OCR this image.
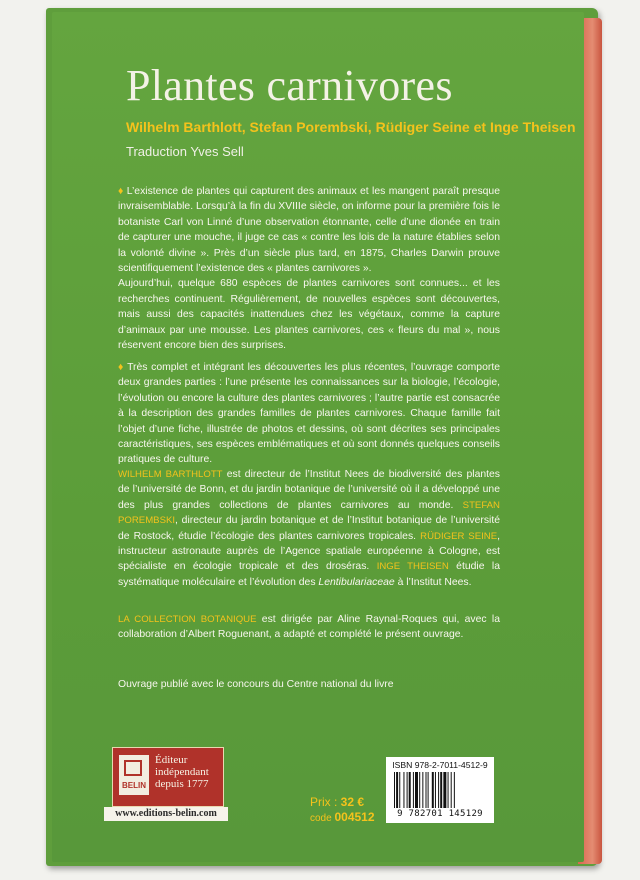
Plantes carnivores
Wilhelm Barthlott, Stefan Porembski, Rüdiger Seine et Inge Theisen
Traduction Yves Sell
♦ L’existence de plantes qui capturent des animaux et les mangent paraît presque invraisemblable. Lorsqu’à la fin du XVIIIe siècle, on informe pour la première fois le botaniste Carl von Linné d’une observation étonnante, celle d’une dionée en train de capturer une mouche, il juge ce cas « contre les lois de la nature établies selon la volonté divine ». Près d’un siècle plus tard, en 1875, Charles Darwin prouve scientifiquement l’existence des « plantes carnivores ».
Aujourd’hui, quelque 680 espèces de plantes carnivores sont connues... et les recherches continuent. Régulièrement, de nouvelles espèces sont découvertes, mais aussi des capacités inattendues chez les végétaux, comme la capture d’animaux par une mousse. Les plantes carnivores, ces « fleurs du mal », nous réservent encore bien des surprises.
♦ Très complet et intégrant les découvertes les plus récentes, l’ouvrage comporte deux grandes parties : l’une présente les connaissances sur la biologie, l’écologie, l’évolution ou encore la culture des plantes carnivores ; l’autre partie est consacrée à la description des grandes familles de plantes carnivores. Chaque famille fait l’objet d’une fiche, illustrée de photos et dessins, où sont décrites ses principales caractéristiques, ses espèces emblématiques et où sont donnés quelques conseils pratiques de culture.
WILHELM BARTHLOTT est directeur de l’Institut Nees de biodiversité des plantes de l’université de Bonn, et du jardin botanique de l’université où il a développé une des plus grandes collections de plantes carnivores au monde. STEFAN POREMBSKI, directeur du jardin botanique et de l’Institut botanique de l’université de Rostock, étudie l’écologie des plantes carnivores tropicales. RÜDIGER SEINE, instructeur astronaute auprès de l’Agence spatiale européenne à Cologne, est spécialiste en écologie tropicale et des droséras. INGE THEISEN étudie la systématique moléculaire et l’évolution des Lentibulariaceae à l’Institut Nees.
LA COLLECTION BOTANIQUE est dirigée par Aline Raynal-Roques qui, avec la collaboration d’Albert Roguenant, a adapté et complété le présent ouvrage.
Ouvrage publié avec le concours du Centre national du livre
BELIN
Éditeur indépendant depuis 1777
www.editions-belin.com
Prix : 32 €
code 004512
ISBN 978-2-7011-4512-9
9 782701 145129
